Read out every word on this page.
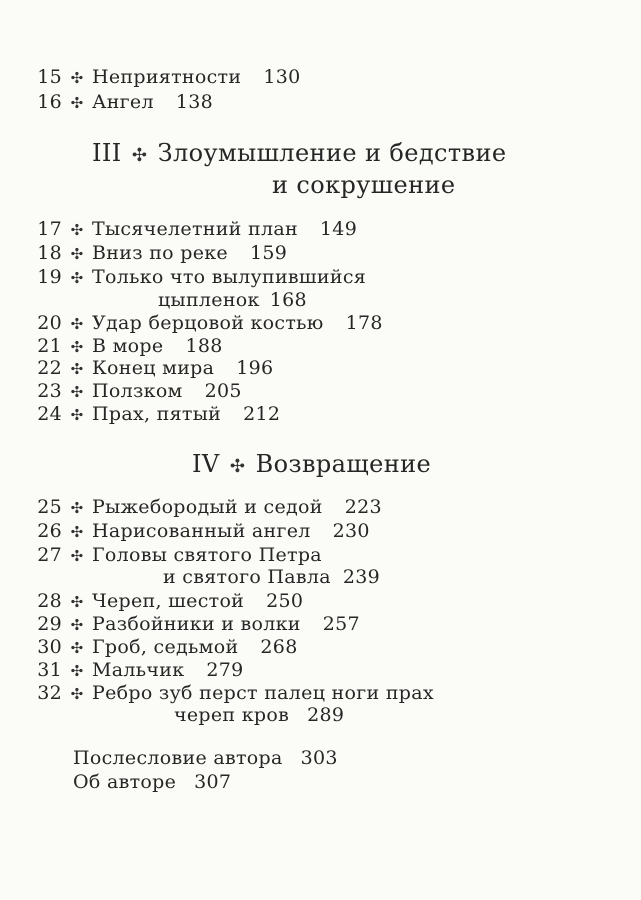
15 ✣ Неприятности 130
16 ✣ Ангел 138
III ✣ Злоумышление и бедствие
и сокрушение
17 ✣ Тысячелетний план 149
18 ✣ Вниз по реке 159
19 ✣ Только что вылупившийся
цыпленок 168
20 ✣ Удар берцовой костью 178
21 ✣ В море 188
22 ✣ Конец мира 196
23 ✣ Ползком 205
24 ✣ Прах, пятый 212
IV ✣ Возвращение
25 ✣ Рыжебородый и седой 223
26 ✣ Нарисованный ангел 230
27 ✣ Головы святого Петра
и святого Павла 239
28 ✣ Череп, шестой 250
29 ✣ Разбойники и волки 257
30 ✣ Гроб, седьмой 268
31 ✣ Мальчик 279
32 ✣ Ребро зуб перст палец ноги прах
череп кров 289
Послесловие автора 303
Об авторе 307
